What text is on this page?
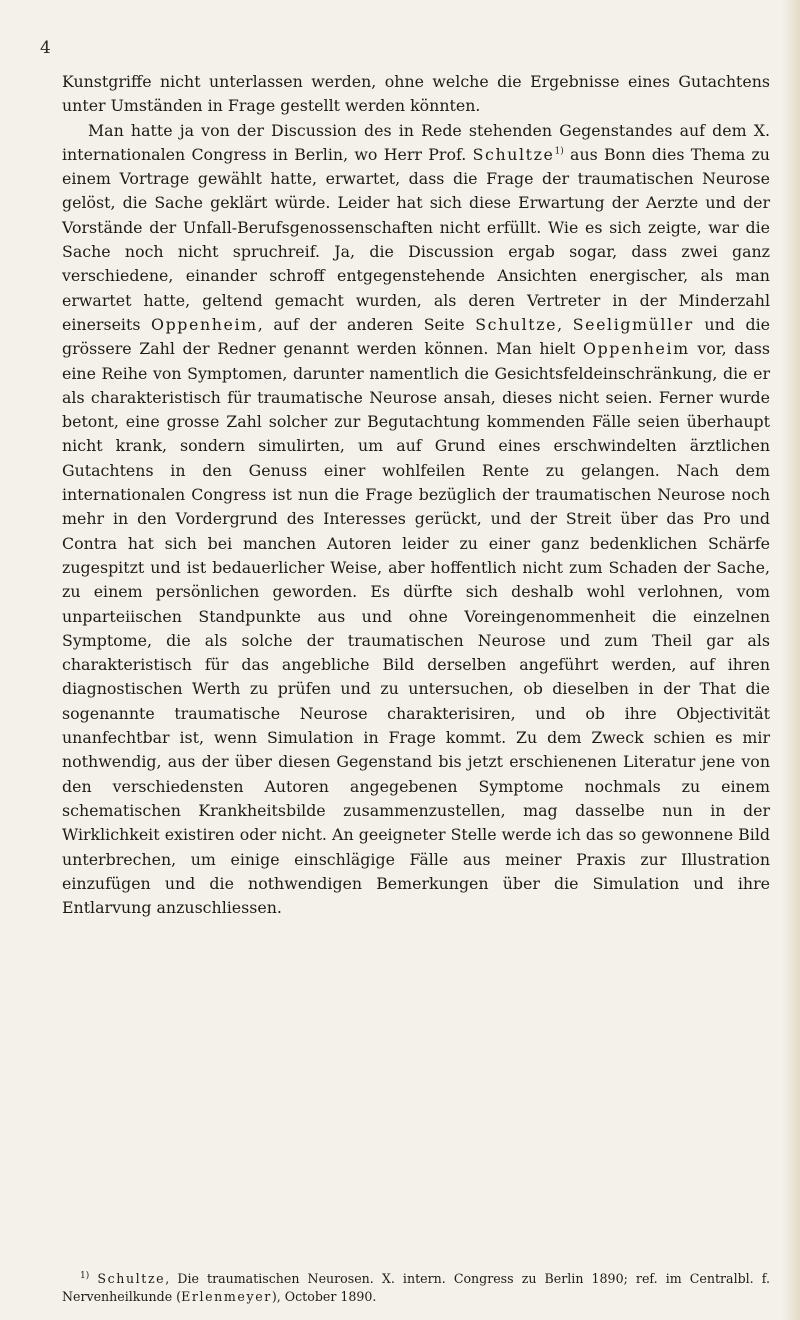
4

Kunstgriffe nicht unterlassen werden, ohne welche die Ergebnisse eines Gutachtens unter Umständen in Frage gestellt werden könnten.

Man hatte ja von der Discussion des in Rede stehenden Gegenstandes auf dem X. internationalen Congress in Berlin, wo Herr Prof. Schultze$^{1)}$ aus Bonn dies Thema zu einem Vortrage gewählt hatte, erwartet, dass die Frage der traumatischen Neurose gelöst, die Sache geklärt würde. Leider hat sich diese Erwartung der Aerzte und der Vorstände der Unfall-Berufsgenossenschaften nicht erfüllt. Wie es sich zeigte, war die Sache noch nicht spruchreif. Ja, die Discussion ergab sogar, dass zwei ganz verschiedene, einander schroff entgegenstehende Ansichten energischer, als man erwartet hatte, geltend gemacht wurden, als deren Vertreter in der Minderzahl einerseits Oppenheim, auf der anderen Seite Schultze, Seeligmüller und die grössere Zahl der Redner genannt werden können. Man hielt Oppenheim vor, dass eine Reihe von Symptomen, darunter namentlich die Gesichtsfeldeinschränkung, die er als charakteristisch für traumatische Neurose ansah, dieses nicht seien. Ferner wurde betont, eine grosse Zahl solcher zur Begutachtung kommenden Fälle seien überhaupt nicht krank, sondern simulirten, um auf Grund eines erschwindelten ärztlichen Gutachtens in den Genuss einer wohlfeilen Rente zu gelangen. Nach dem internationalen Congress ist nun die Frage bezüglich der traumatischen Neurose noch mehr in den Vordergrund des Interesses gerückt, und der Streit über das Pro und Contra hat sich bei manchen Autoren leider zu einer ganz bedenklichen Schärfe zugespitzt und ist bedauerlicher Weise, aber hoffentlich nicht zum Schaden der Sache, zu einem persönlichen geworden. Es dürfte sich deshalb wohl verlohnen, vom unparteiischen Standpunkte aus und ohne Voreingenommenheit die einzelnen Symptome, die als solche der traumatischen Neurose und zum Theil gar als charakteristisch für das angebliche Bild derselben angeführt werden, auf ihren diagnostischen Werth zu prüfen und zu untersuchen, ob dieselben in der That die sogenannte traumatische Neurose charakterisiren, und ob ihre Objectivität unanfechtbar ist, wenn Simulation in Frage kommt. Zu dem Zweck schien es mir nothwendig, aus der über diesen Gegenstand bis jetzt erschienenen Literatur jene von den verschiedensten Autoren angegebenen Symptome nochmals zu einem schematischen Krankheitsbilde zusammenzustellen, mag dasselbe nun in der Wirklichkeit existiren oder nicht. An geeigneter Stelle werde ich das so gewonnene Bild unterbrechen, um einige einschlägige Fälle aus meiner Praxis zur Illustration einzufügen und die nothwendigen Bemerkungen über die Simulation und ihre Entlarvung anzuschliessen.

$^{1)}$ Schultze, Die traumatischen Neurosen. X. intern. Congress zu Berlin 1890; ref. im Centralbl. f. Nervenheilkunde (Erlenmeyer), October 1890.
